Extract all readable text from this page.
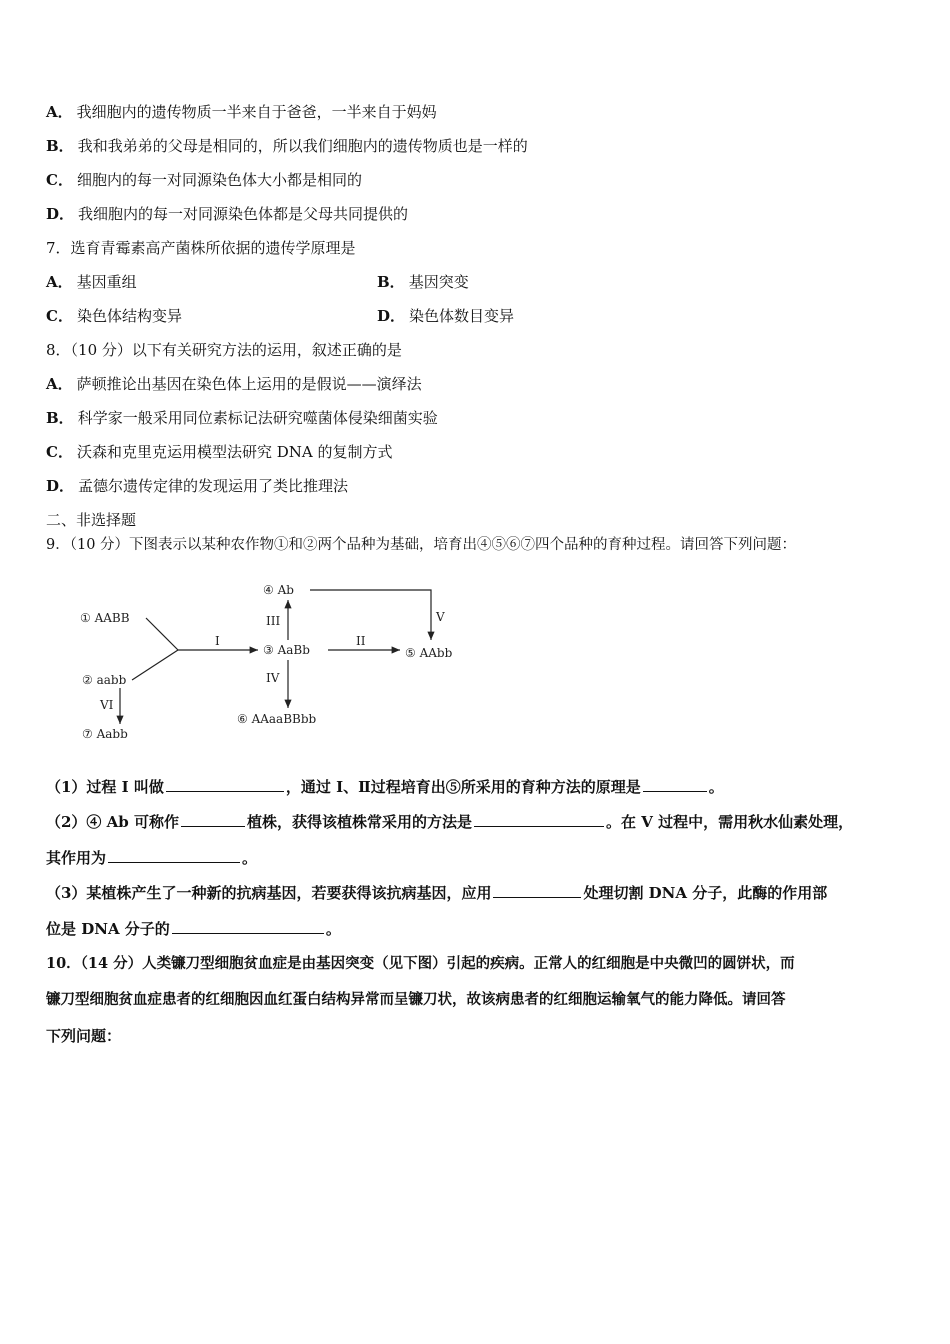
A． 我细胞内的遗传物质一半来自于爸爸，一半来自于妈妈
B． 我和我弟弟的父母是相同的，所以我们细胞内的遗传物质也是一样的
C． 细胞内的每一对同源染色体大小都是相同的
D． 我细胞内的每一对同源染色体都是父母共同提供的
7．选育青霉素高产菌株所依据的遗传学原理是
A． 基因重组	B． 基因突变
C． 染色体结构变异	D． 染色体数目变异
8．（10 分）以下有关研究方法的运用，叙述正确的是
A． 萨顿推论出基因在染色体上运用的是假说——演绎法
B． 科学家一般采用同位素标记法研究噬菌体侵染细菌实验
C． 沃森和克里克运用模型法研究 DNA 的复制方式
D． 孟德尔遗传定律的发现运用了类比推理法
二、非选择题
9．（10 分）下图表示以某种农作物①和②两个品种为基础，培育出④⑤⑥⑦四个品种的育种过程。请回答下列问题：
① AABB
② aabb
③ AaBb
④ Ab
⑤ AAbb
⑥ AAaaBBbb
⑦ Aabb
I
III
II
V
IV
VI
（1）过程 I 叫做	，通过 I、Ⅱ过程培育出⑤所采用的育种方法的原理是	。
（2）④ Ab 可称作	植株，获得该植株常采用的方法是	。在 V 过程中，需用秋水仙素处理，
其作用为	。
（3）某植株产生了一种新的抗病基因，若要获得该抗病基因，应用	处理切割 DNA 分子，此酶的作用部
位是 DNA 分子的	。
10．（14 分）人类镰刀型细胞贫血症是由基因突变（见下图）引起的疾病。正常人的红细胞是中央微凹的圆饼状，而
镰刀型细胞贫血症患者的红细胞因血红蛋白结构异常而呈镰刀状，故该病患者的红细胞运输氧气的能力降低。请回答
下列问题：
